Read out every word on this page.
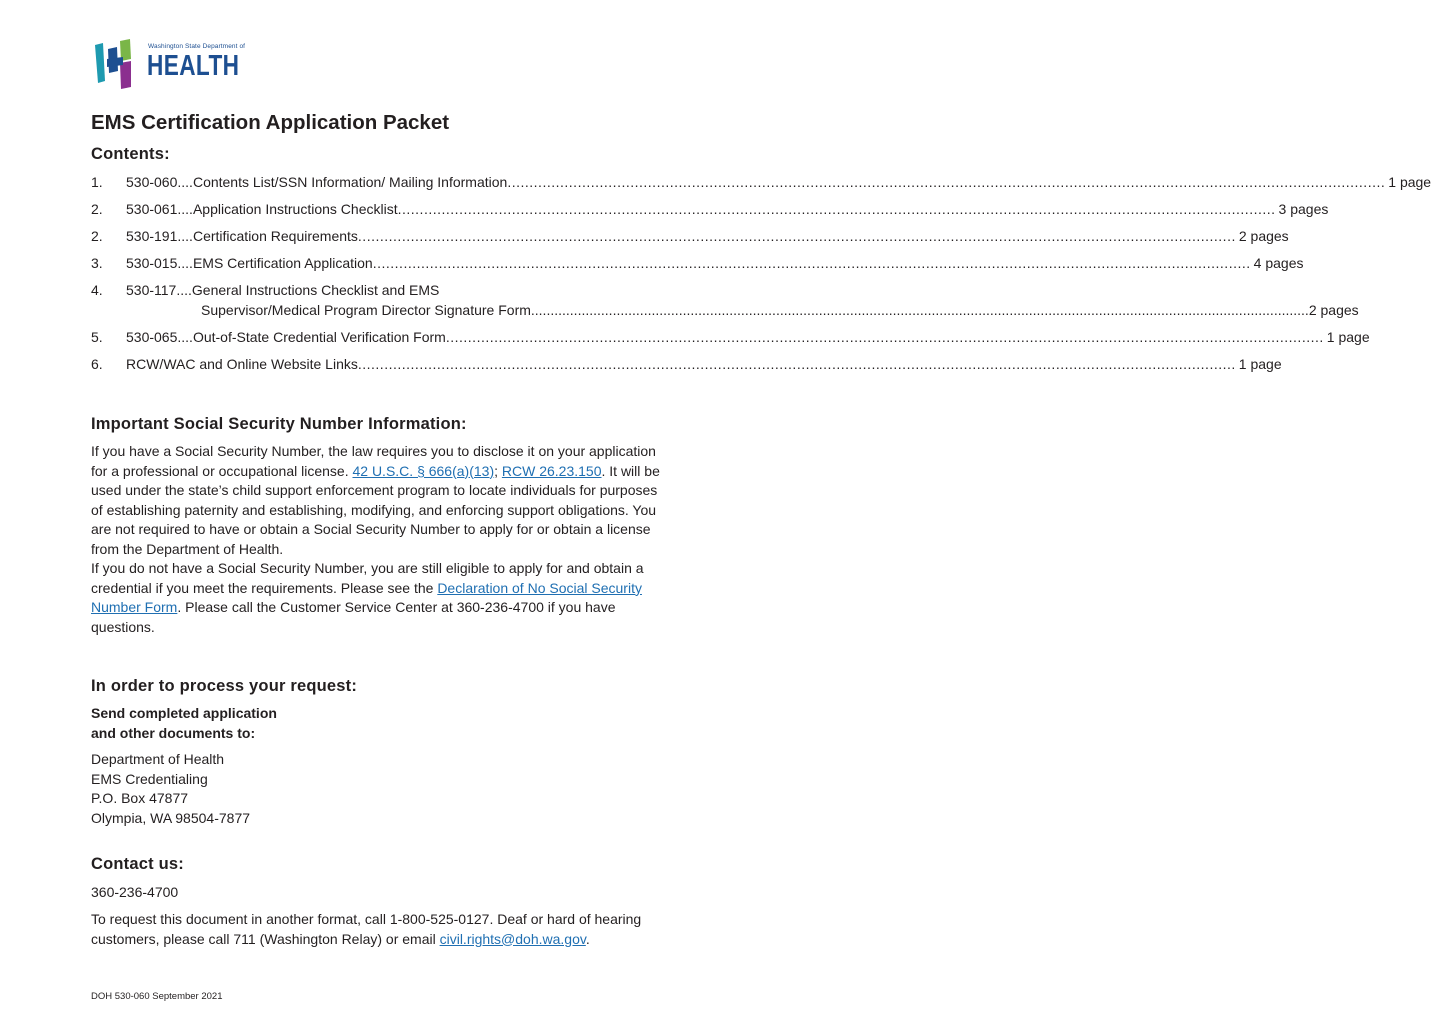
Washington State Department of
HEALTH
EMS Certification Application Packet
Contents:
1. 530-060 .... Contents List/SSN Information/ Mailing Information ........................................................................................................................................................................................................ 1 page
2. 530-061 .... Application Instructions Checklist ........................................................................................................................................................................................................ 3 pages
2. 530-191 .... Certification Requirements ........................................................................................................................................................................................................ 2 pages
3. 530-015 .... EMS Certification Application ........................................................................................................................................................................................................ 4 pages
4. 530-117 .... General Instructions Checklist and EMS
Supervisor/Medical Program Director Signature Form ........................................................................................................................................................................................................ 2 pages
5. 530-065 .... Out-of-State Credential Verification Form ........................................................................................................................................................................................................ 1 page
6. RCW/WAC and Online Website Links ........................................................................................................................................................................................................ 1 page
Important Social Security Number Information:

If you have a Social Security Number, the law requires you to disclose it on your application for a professional or occupational license. 42 U.S.C. § 666(a)(13); RCW 26.23.150. It will be used under the state’s child support enforcement program to locate individuals for purposes of establishing paternity and establishing, modifying, and enforcing support obligations. You are not required to have or obtain a Social Security Number to apply for or obtain a license from the Department of Health.
If you do not have a Social Security Number, you are still eligible to apply for and obtain a credential if you meet the requirements. Please see the Declaration of No Social Security Number Form. Please call the Customer Service Center at 360-236-4700 if you have questions.

In order to process your request:

Send completed application
and other documents to:

Department of Health
EMS Credentialing
P.O. Box 47877
Olympia, WA 98504-7877

Contact us:

360-236-4700

To request this document in another format, call 1-800-525-0127. Deaf or hard of hearing customers, please call 711 (Washington Relay) or email civil.rights@doh.wa.gov.

DOH 530-060 September 2021
